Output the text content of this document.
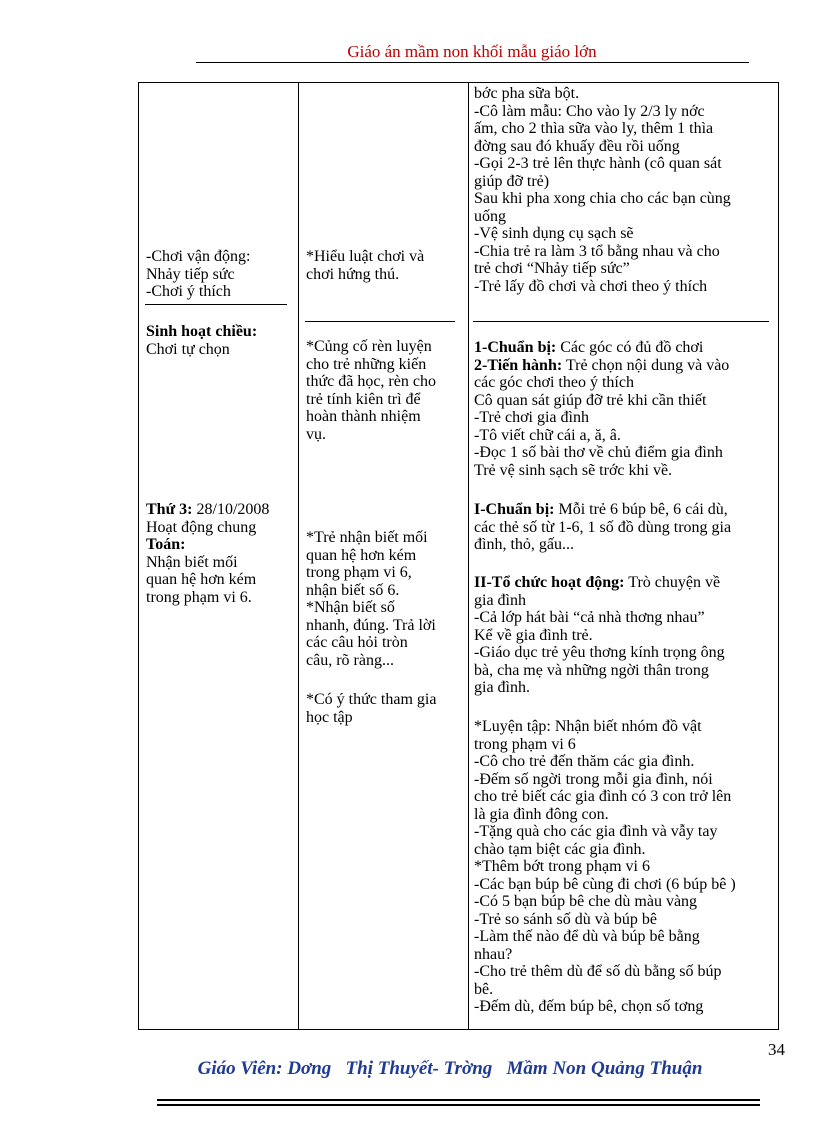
Giáo án mầm non khối mẫu giáo lớn
-Chơi vận động:
Nhảy tiếp sức
-Chơi ý thích
Sinh hoạt chiều:
Chơi tự chọn
Thứ 3: 28/10/2008
Hoạt động chung
Toán:
Nhận biết mối
quan hệ hơn kém
trong phạm vi 6.
*Hiểu luật chơi và
chơi hứng thú.
*Củng cố rèn luyện
cho trẻ những kiến
thức đã học, rèn cho
trẻ tính kiên trì để
hoàn thành nhiệm
vụ.
*Trẻ nhận biết mối
quan hệ hơn kém
trong phạm vi 6,
nhận biết số 6.
*Nhận biết số
nhanh, đúng. Trả lời
các câu hỏi tròn
câu, rõ ràng...
*Có ý thức tham gia
học tập
bớc pha sữa bột.
-Cô làm mẫu: Cho vào ly 2/3 ly nớc
ấm, cho 2 thìa sữa vào ly, thêm 1 thìa
đờng sau đó khuấy đều rồi uống
-Gọi 2-3 trẻ lên thực hành (cô quan sát
giúp đỡ trẻ)
Sau khi pha xong chia cho các bạn cùng
uống
-Vệ sinh dụng cụ sạch sẽ
-Chia trẻ ra làm 3 tổ bằng nhau và cho
trẻ chơi “Nhảy tiếp sức”
-Trẻ lấy đồ chơi và chơi theo ý thích
1-Chuẩn bị: Các góc có đủ đồ chơi
2-Tiến hành: Trẻ chọn nội dung và vào
các góc chơi theo ý thích
Cô quan sát giúp đỡ trẻ khi cần thiết
-Trẻ chơi gia đình
-Tô viết chữ cái a, ă, â.
-Đọc 1 số bài thơ về chủ điểm gia đình
Trẻ vệ sinh sạch sẽ trớc khi về.
I-Chuẩn bị: Mỗi trẻ 6 búp bê, 6 cái dù,
các thẻ số từ 1-6, 1 số đồ dùng trong gia
đình, thỏ, gấu...
II-Tổ chức hoạt động: Trò chuyện về
gia đình
-Cả lớp hát bài “cả nhà thơng nhau”
Kể về gia đình trẻ.
-Giáo dục trẻ yêu thơng kính trọng ông
bà, cha mẹ và những ngời thân trong
gia đình.
*Luyện tập: Nhận biết nhóm đồ vật
trong phạm vi 6
-Cô cho trẻ đến thăm các gia đình.
-Đếm số ngời trong mỗi gia đình, nói
cho trẻ biết các gia đình có 3 con trở lên
là gia đình đông con.
-Tặng quà cho các gia đình và vẫy tay
chào tạm biệt các gia đình.
*Thêm bớt trong phạm vi 6
-Các bạn búp bê cùng đi chơi (6 búp bê )
-Có 5 bạn búp bê che dù màu vàng
-Trẻ so sánh số dù và búp bê
-Làm thế nào để dù và búp bê bằng
nhau?
-Cho trẻ thêm dù để số dù bằng số búp
bê.
-Đếm dù, đếm búp bê, chọn số tơng
34
Giáo Viên: Dơng   Thị Thuyết- Trờng   Mầm Non Quảng Thuận
